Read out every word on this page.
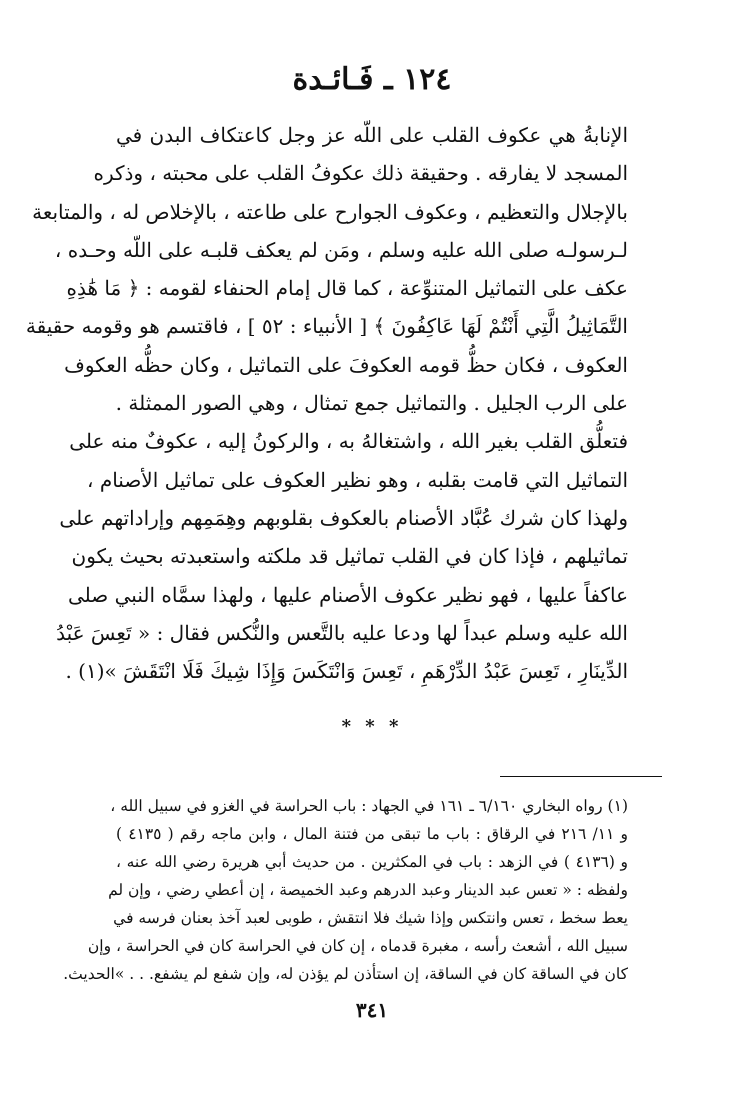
١٢٤ ـ فَـائـدة
الإنابةُ هي عكوف القلب على اللّه عز وجل كاعتكاف البدن في
المسجد لا يفارقه . وحقيقة ذلك عكوفُ القلب على محبته ، وذكره
بالإجلال والتعظيم ، وعكوف الجوارح على طاعته ، بالإخلاص له ، والمتابعة
لـرسولـه صلى الله عليه وسلم ، ومَن لم يعكف قلبـه على اللّه وحـده ،
عكف على التماثيل المتنوِّعة ، كما قال إمام الحنفاء لقومه : ﴿ مَا هَٰذِهِ
التَّمَاثِيلُ الَّتِي أَنْتُمْ لَهَا عَاكِفُونَ ﴾ [ الأنبياء : ٥٢ ] ، فاقتسم هو وقومه حقيقة
العكوف ، فكان حظُّ قومه العكوفَ على التماثيل ، وكان حظُّه العكوف
على الرب الجليل . والتماثيل جمع تمثال ، وهي الصور الممثلة .
فتعلُّق القلب بغير الله ، واشتغالهُ به ، والركونُ إليه ، عكوفٌ منه على
التماثيل التي قامت بقلبه ، وهو نظير العكوف على تماثيل الأصنام ،
ولهذا كان شرك عُبَّاد الأصنام بالعكوف بقلوبهم وهِمَمِهم وإراداتهم على
تماثيلهم ، فإذا كان في القلب تماثيل قد ملكته واستعبدته بحيث يكون
عاكفاً عليها ، فهو نظير عكوف الأصنام عليها ، ولهذا سمَّاه النبي صلى
الله عليه وسلم عبداً لها ودعا عليه بالتَّعس والنُّكس فقال : « تَعِسَ عَبْدُ
الدِّينَارِ ، تَعِسَ عَبْدُ الدِّرْهَمِ ، تَعِسَ وَانْتَكَسَ وَإِذَا شِيكَ فَلَا انْتَقَشَ »(١) .
* * *
(١) رواه البخاري ٦/١٦٠ ـ ١٦١ في الجهاد : باب الحراسة في الغزو في سبيل الله ،
و ١١/ ٢١٦ في الرقاق : باب ما تبقى من فتنة المال ، وابن ماجه رقم ( ٤١٣٥ )
و (٤١٣٦ ) في الزهد : باب في المكثرين . من حديث أبي هريرة رضي الله عنه ،
ولفظه : « تعس عبد الدينار وعبد الدرهم وعبد الخميصة ، إن أعطي رضي ، وإن لم
يعط سخط ، تعس وانتكس وإذا شيك فلا انتقش ، طوبى لعبد آخذ بعنان فرسه في
سبيل الله ، أشعث رأسه ، مغبرة قدماه ، إن كان في الحراسة كان في الحراسة ، وإن
كان في الساقة كان في الساقة، إن استأذن لم يؤذن له، وإن شفع لم يشفع. . . »الحديث.
٣٤١
